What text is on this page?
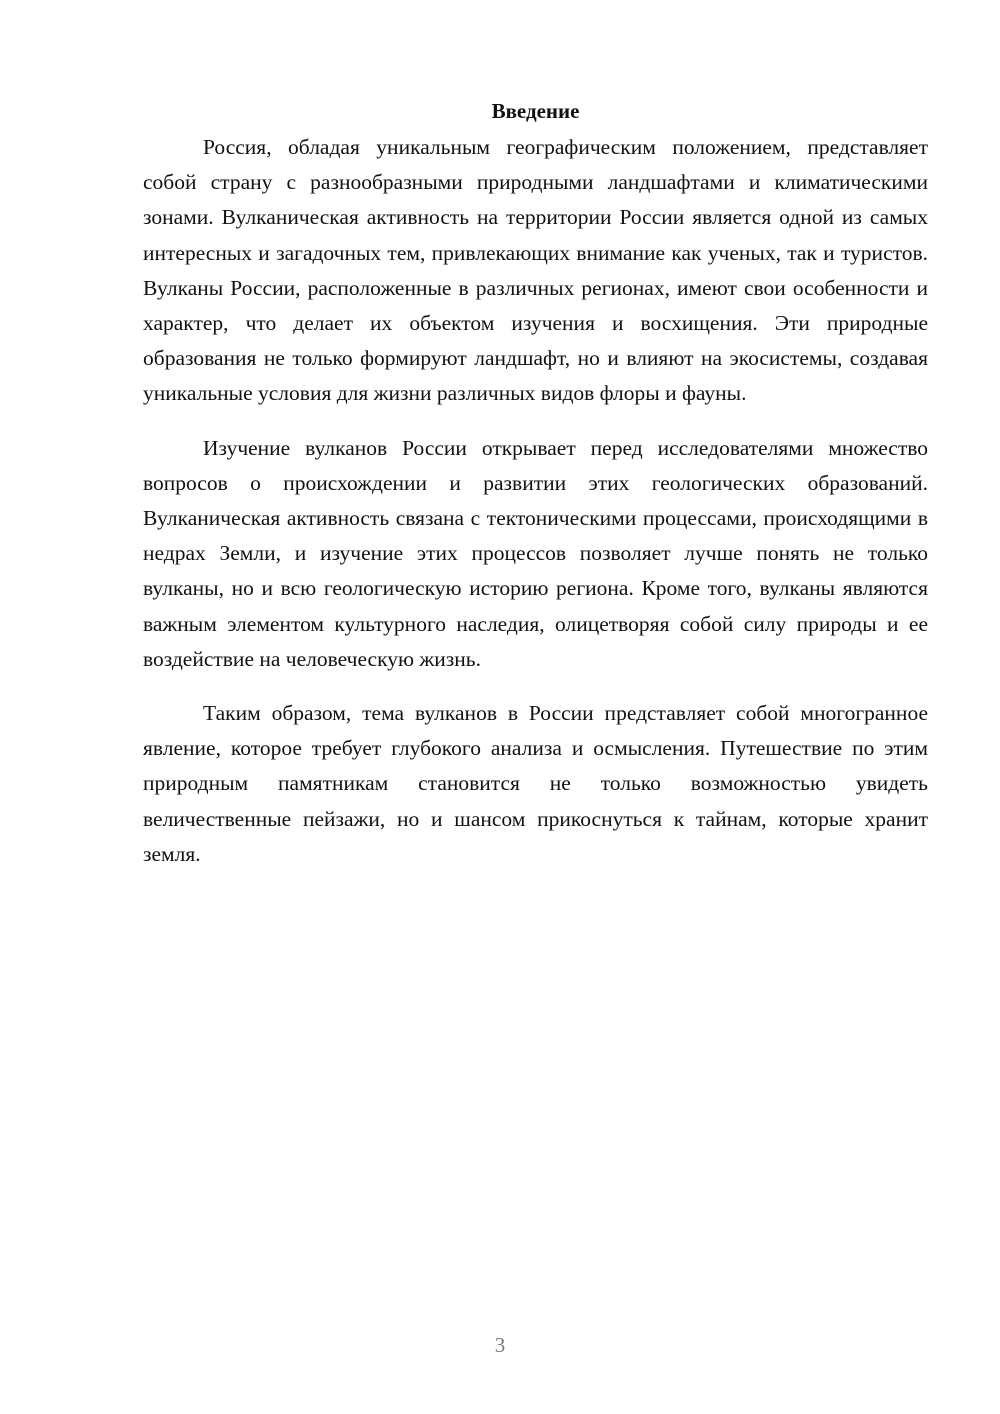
Введение

Россия, обладая уникальным географическим положением, представляет собой страну с разнообразными природными ландшафтами и климатическими зонами. Вулканическая активность на территории России является одной из самых интересных и загадочных тем, привлекающих внимание как ученых, так и туристов. Вулканы России, расположенные в различных регионах, имеют свои особенности и характер, что делает их объектом изучения и восхищения. Эти природные образования не только формируют ландшафт, но и влияют на экосистемы, создавая уникальные условия для жизни различных видов флоры и фауны.

Изучение вулканов России открывает перед исследователями множество вопросов о происхождении и развитии этих геологических образований. Вулканическая активность связана с тектоническими процессами, происходящими в недрах Земли, и изучение этих процессов позволяет лучше понять не только вулканы, но и всю геологическую историю региона. Кроме того, вулканы являются важным элементом культурного наследия, олицетворяя собой силу природы и ее воздействие на человеческую жизнь.

Таким образом, тема вулканов в России представляет собой многогранное явление, которое требует глубокого анализа и осмысления. Путешествие по этим природным памятникам становится не только возможностью увидеть величественные пейзажи, но и шансом прикоснуться к тайнам, которые хранит земля.

3
